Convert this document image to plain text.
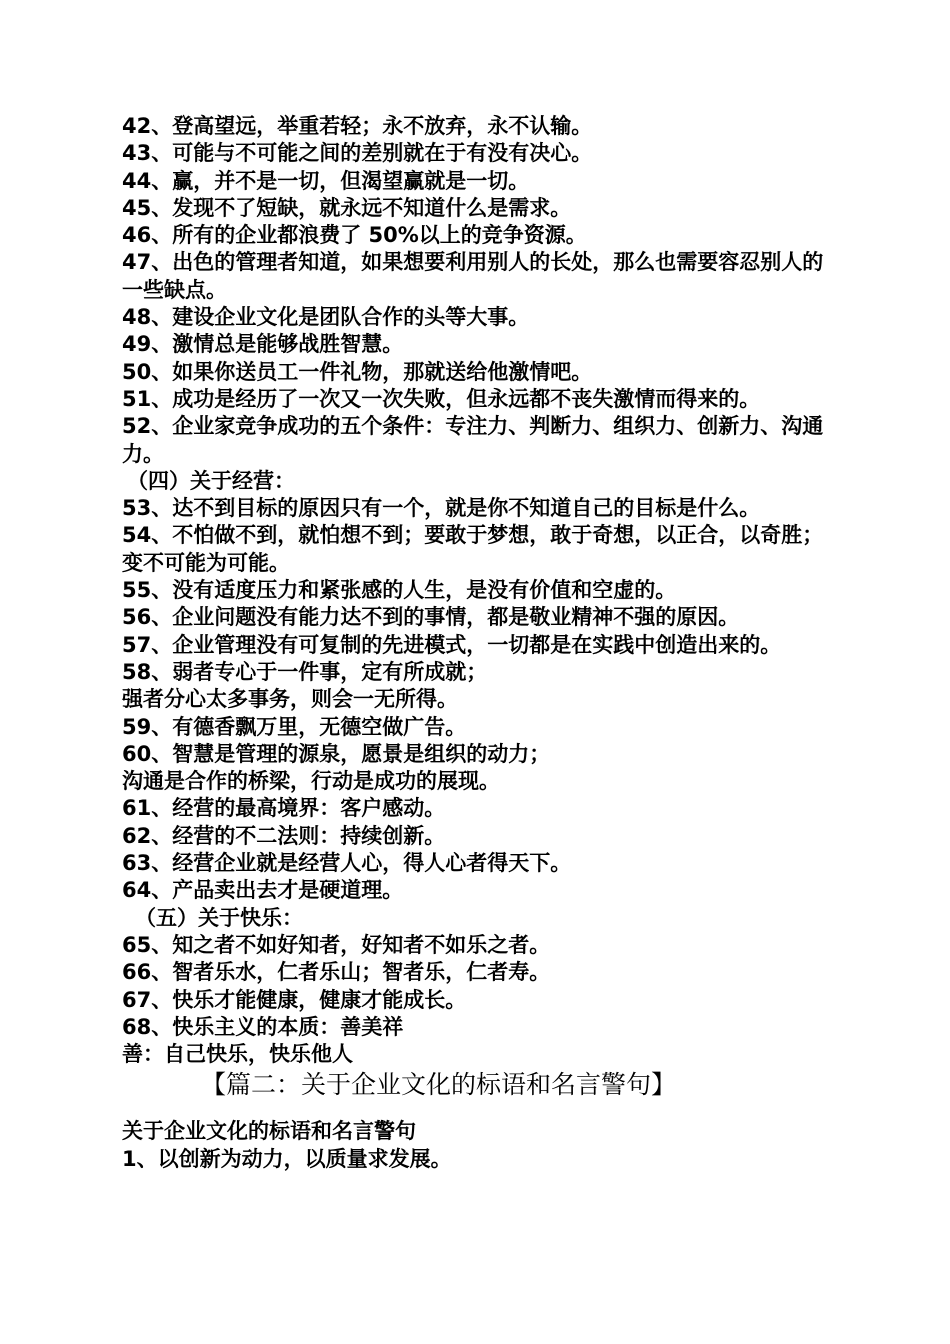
42、登高望远，举重若轻；永不放弃，永不认输。

43、可能与不可能之间的差别就在于有没有决心。

44、赢，并不是一切，但渴望赢就是一切。

45、发现不了短缺，就永远不知道什么是需求。

46、所有的企业都浪费了 50%以上的竞争资源。

47、出色的管理者知道，如果想要利用别人的长处，那么也需要容忍别人的一些缺点。

48、建设企业文化是团队合作的头等大事。

49、激情总是能够战胜智慧。

50、如果你送员工一件礼物，那就送给他激情吧。

51、成功是经历了一次又一次失败，但永远都不丧失激情而得来的。

52、企业家竞争成功的五个条件：专注力、判断力、组织力、创新力、沟通力。

（四）关于经营：

53、达不到目标的原因只有一个，就是你不知道自己的目标是什么。

54、不怕做不到，就怕想不到；要敢于梦想，敢于奇想，以正合，以奇胜；变不可能为可能。

55、没有适度压力和紧张感的人生，是没有价值和空虚的。

56、企业问题没有能力达不到的事情，都是敬业精神不强的原因。

57、企业管理没有可复制的先进模式，一切都是在实践中创造出来的。

58、弱者专心于一件事，定有所成就；

强者分心太多事务，则会一无所得。

59、有德香飘万里，无德空做广告。

60、智慧是管理的源泉，愿景是组织的动力；

沟通是合作的桥梁，行动是成功的展现。

61、经营的最高境界：客户感动。

62、经营的不二法则：持续创新。

63、经营企业就是经营人心，得人心者得天下。

64、产品卖出去才是硬道理。

（五）关于快乐：

65、知之者不如好知者，好知者不如乐之者。

66、智者乐水，仁者乐山；智者乐，仁者寿。

67、快乐才能健康，健康才能成长。

68、快乐主义的本质：善美祥

善：自己快乐，快乐他人

【篇二：关于企业文化的标语和名言警句】

关于企业文化的标语和名言警句

1、以创新为动力，以质量求发展。
